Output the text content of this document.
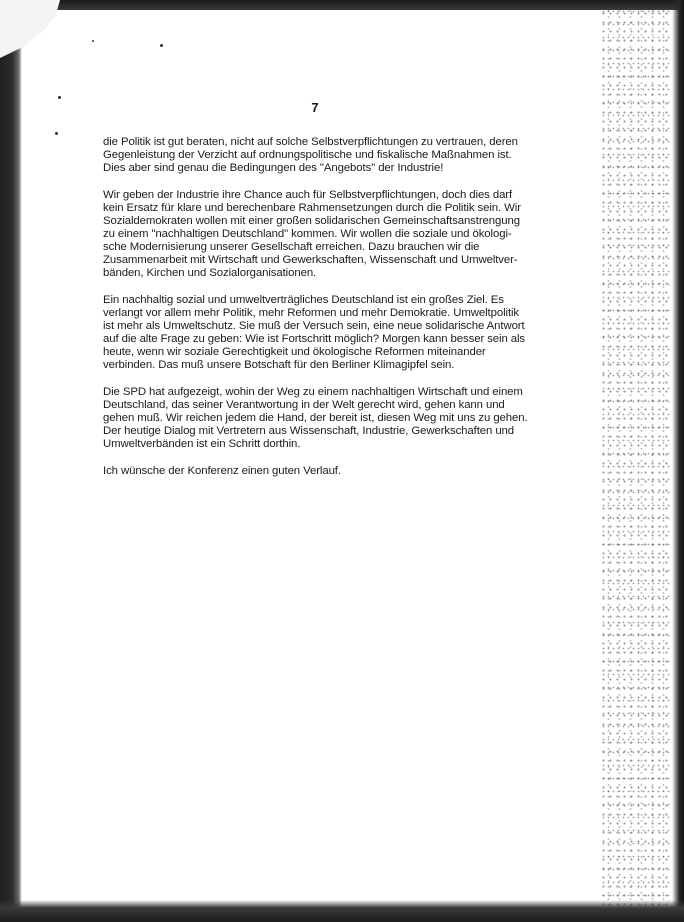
7

die Politik ist gut beraten, nicht auf solche Selbstverpflichtungen zu vertrauen, deren
Gegenleistung der Verzicht auf ordnungspolitische und fiskalische Maßnahmen ist.
Dies aber sind genau die Bedingungen des "Angebots" der Industrie!

Wir geben der Industrie ihre Chance auch für Selbstverpflichtungen, doch dies darf
kein Ersatz für klare und berechenbare Rahmensetzungen durch die Politik sein. Wir
Sozialdemokraten wollen mit einer großen solidarischen Gemeinschaftsanstrengung
zu einem "nachhaltigen Deutschland" kommen. Wir wollen die soziale und ökologi-
sche Modernisierung unserer Gesellschaft erreichen. Dazu brauchen wir die
Zusammenarbeit mit Wirtschaft und Gewerkschaften, Wissenschaft und Umweltver-
bänden, Kirchen und Sozialorganisationen.

Ein nachhaltig sozial und umweltverträgliches Deutschland ist ein großes Ziel. Es
verlangt vor allem mehr Politik, mehr Reformen und mehr Demokratie. Umweltpolitik
ist mehr als Umweltschutz. Sie muß der Versuch sein, eine neue solidarische Antwort
auf die alte Frage zu geben: Wie ist Fortschritt möglich? Morgen kann besser sein als
heute, wenn wir soziale Gerechtigkeit und ökologische Reformen miteinander
verbinden. Das muß unsere Botschaft für den Berliner Klimagipfel sein.

Die SPD hat aufgezeigt, wohin der Weg zu einem nachhaltigen Wirtschaft und einem
Deutschland, das seiner Verantwortung in der Welt gerecht wird, gehen kann und
gehen muß. Wir reichen jedem die Hand, der bereit ist, diesen Weg mit uns zu gehen.
Der heutige Dialog mit Vertretern aus Wissenschaft, Industrie, Gewerkschaften und
Umweltverbänden ist ein Schritt dorthin.

Ich wünsche der Konferenz einen guten Verlauf.
